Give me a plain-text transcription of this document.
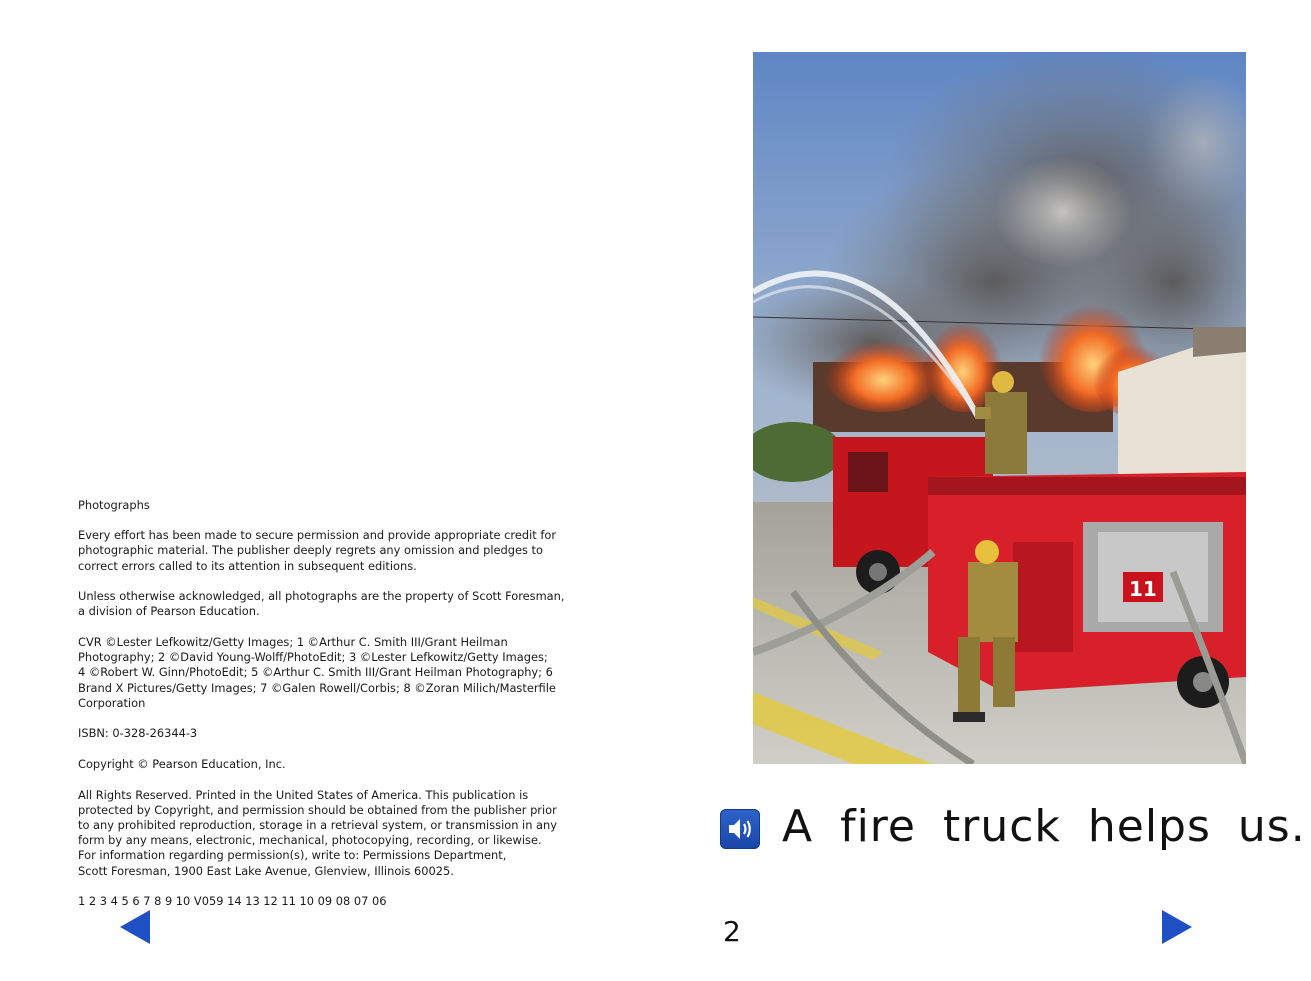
Photographs

Every effort has been made to secure permission and provide appropriate credit for
photographic material. The publisher deeply regrets any omission and pledges to
correct errors called to its attention in subsequent editions.

Unless otherwise acknowledged, all photographs are the property of Scott Foresman,
a division of Pearson Education.

CVR ©Lester Lefkowitz/Getty Images; 1 ©Arthur C. Smith III/Grant Heilman
Photography; 2 ©David Young-Wolff/PhotoEdit; 3 ©Lester Lefkowitz/Getty Images;
4 ©Robert W. Ginn/PhotoEdit; 5 ©Arthur C. Smith III/Grant Heilman Photography; 6
Brand X Pictures/Getty Images; 7 ©Galen Rowell/Corbis; 8 ©Zoran Milich/Masterfile
Corporation

ISBN: 0-328-26344-3

Copyright © Pearson Education, Inc.

All Rights Reserved. Printed in the United States of America. This publication is
protected by Copyright, and permission should be obtained from the publisher prior
to any prohibited reproduction, storage in a retrieval system, or transmission in any
form by any means, electronic, mechanical, photocopying, recording, or likewise.
For information regarding permission(s), write to: Permissions Department,
Scott Foresman, 1900 East Lake Avenue, Glenview, Illinois 60025.

1 2 3 4 5 6 7 8 9 10 V059 14 13 12 11 10 09 08 07 06

11
A fire truck helps us.
2
